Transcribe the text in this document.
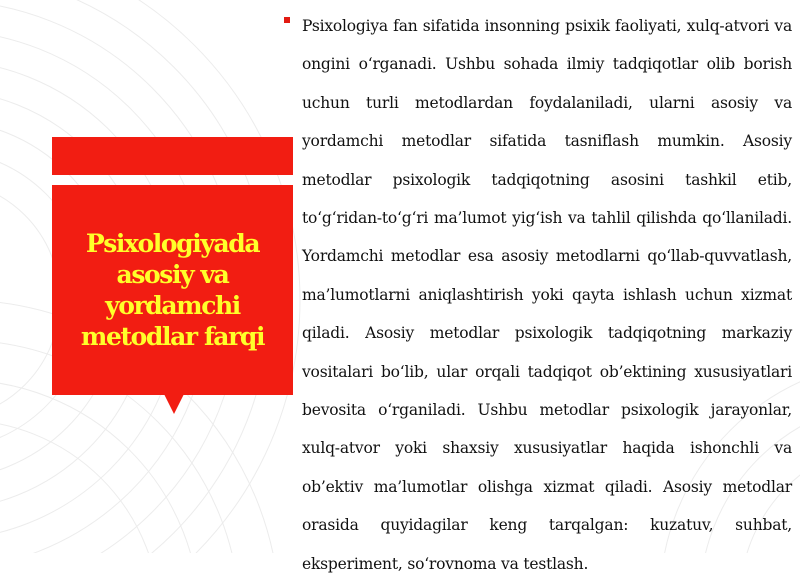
Psixologiyada asosiy va yordamchi metodlar farqi

Psixologiya fan sifatida insonning psixik faoliyati, xulq-atvori va ongini o‘rganadi. Ushbu sohada ilmiy tadqiqotlar olib borish uchun turli metodlardan foydalaniladi, ularni asosiy va yordamchi metodlar sifatida tasniflash mumkin. Asosiy metodlar psixologik tadqiqotning asosini tashkil etib, to‘g‘ridan-to‘g‘ri ma’lumot yig‘ish va tahlil qilishda qo‘llaniladi. Yordamchi metodlar esa asosiy metodlarni qo‘llab-quvvatlash, ma’lumotlarni aniqlashtirish yoki qayta ishlash uchun xizmat qiladi. Asosiy metodlar psixologik tadqiqotning markaziy vositalari bo‘lib, ular orqali tadqiqot ob’ektining xususiyatlari bevosita o‘rganiladi. Ushbu metodlar psixologik jarayonlar, xulq-atvor yoki shaxsiy xususiyatlar haqida ishonchli va ob’ektiv ma’lumotlar olishga xizmat qiladi. Asosiy metodlar orasida quyidagilar keng tarqalgan: kuzatuv, suhbat, eksperiment, so‘rovnoma va testlash.
